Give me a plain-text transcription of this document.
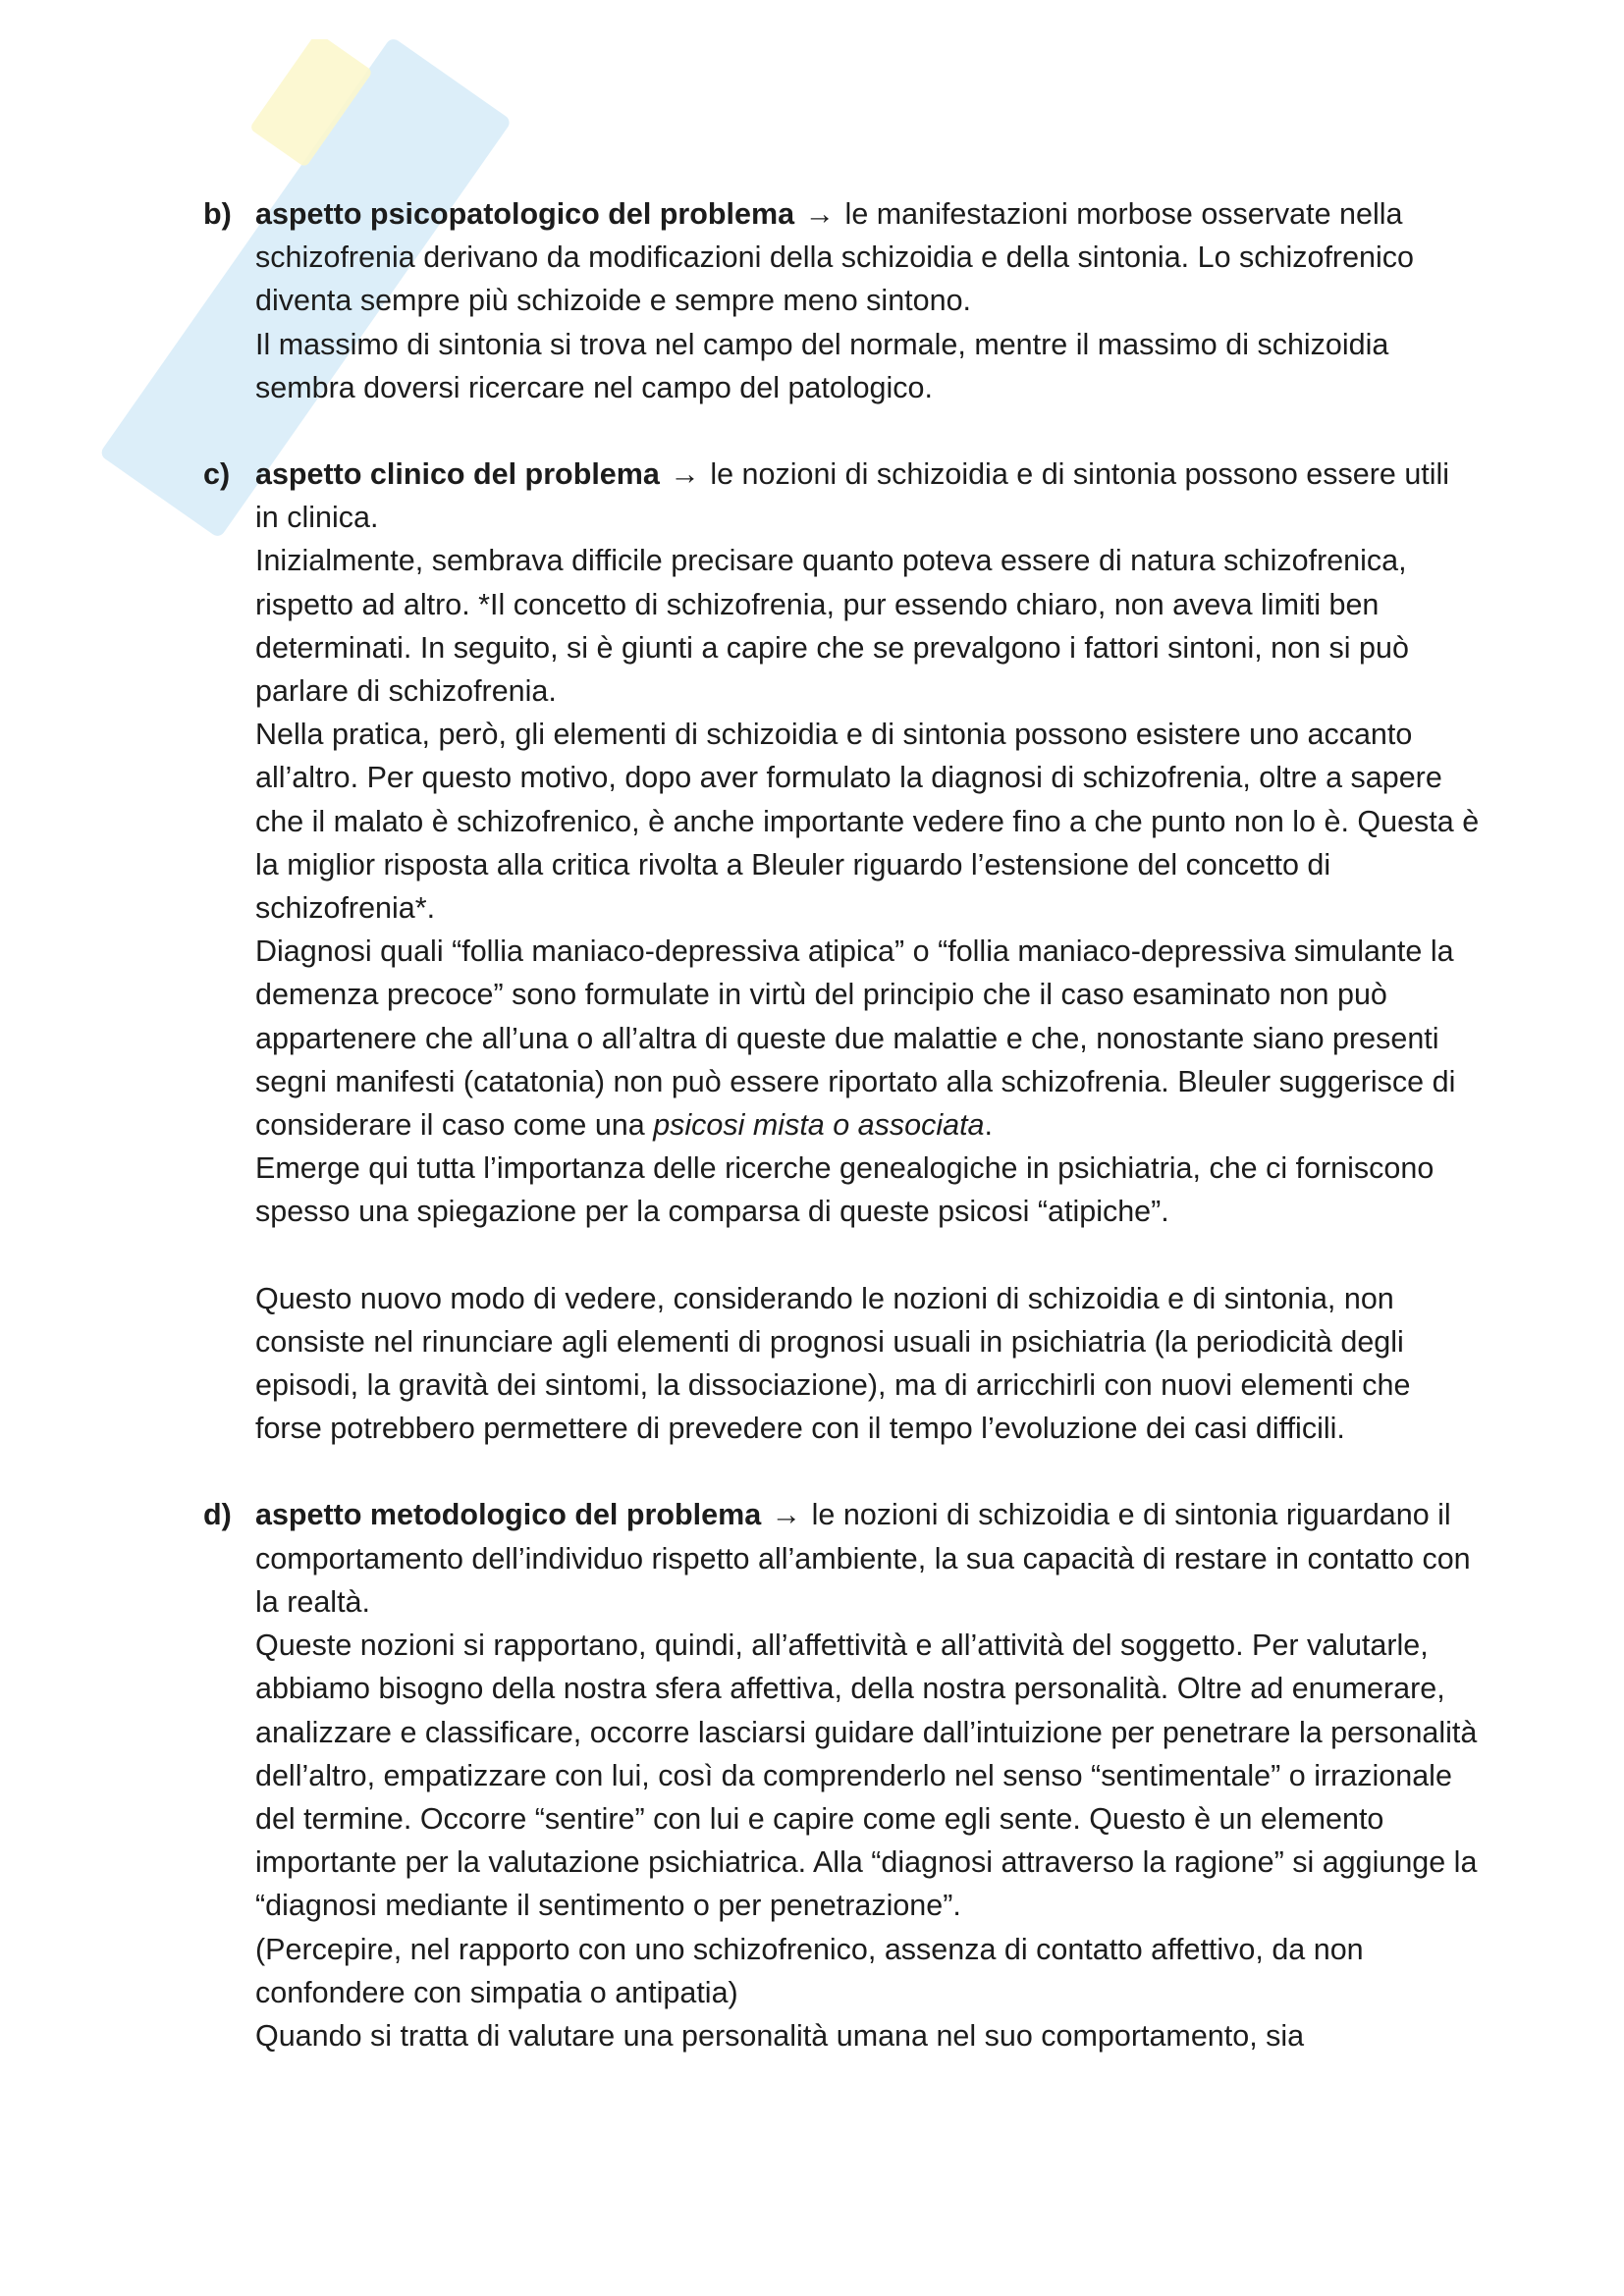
b) aspetto psicopatologico del problema → le manifestazioni morbose osservate nella schizofrenia derivano da modificazioni della schizoidia e della sintonia. Lo schizofrenico diventa sempre più schizoide e sempre meno sintono.

Il massimo di sintonia si trova nel campo del normale, mentre il massimo di schizoidia sembra doversi ricercare nel campo del patologico.

c) aspetto clinico del problema → le nozioni di schizoidia e di sintonia possono essere utili in clinica.

Inizialmente, sembrava difficile precisare quanto poteva essere di natura schizofrenica, rispetto ad altro. *Il concetto di schizofrenia, pur essendo chiaro, non aveva limiti ben determinati. In seguito, si è giunti a capire che se prevalgono i fattori sintoni, non si può parlare di schizofrenia.

Nella pratica, però, gli elementi di schizoidia e di sintonia possono esistere uno accanto all’altro. Per questo motivo, dopo aver formulato la diagnosi di schizofrenia, oltre a sapere che il malato è schizofrenico, è anche importante vedere fino a che punto non lo è. Questa è la miglior risposta alla critica rivolta a Bleuler riguardo l’estensione del concetto di schizofrenia*.

Diagnosi quali “follia maniaco-depressiva atipica” o “follia maniaco-depressiva simulante la demenza precoce” sono formulate in virtù del principio che il caso esaminato non può appartenere che all’una o all’altra di queste due malattie e che, nonostante siano presenti segni manifesti (catatonia) non può essere riportato alla schizofrenia. Bleuler suggerisce di considerare il caso come una psicosi mista o associata.

Emerge qui tutta l’importanza delle ricerche genealogiche in psichiatria, che ci forniscono spesso una spiegazione per la comparsa di queste psicosi “atipiche”.

Questo nuovo modo di vedere, considerando le nozioni di schizoidia e di sintonia, non consiste nel rinunciare agli elementi di prognosi usuali in psichiatria (la periodicità degli episodi, la gravità dei sintomi, la dissociazione), ma di arricchirli con nuovi elementi che forse potrebbero permettere di prevedere con il tempo l’evoluzione dei casi difficili.

d) aspetto metodologico del problema → le nozioni di schizoidia e di sintonia riguardano il comportamento dell’individuo rispetto all’ambiente, la sua capacità di restare in contatto con la realtà.

Queste nozioni si rapportano, quindi, all’affettività e all’attività del soggetto. Per valutarle, abbiamo bisogno della nostra sfera affettiva, della nostra personalità. Oltre ad enumerare, analizzare e classificare, occorre lasciarsi guidare dall’intuizione per penetrare la personalità dell’altro, empatizzare con lui, così da comprenderlo nel senso “sentimentale” o irrazionale del termine. Occorre “sentire” con lui e capire come egli sente. Questo è un elemento importante per la valutazione psichiatrica. Alla “diagnosi attraverso la ragione” si aggiunge la “diagnosi mediante il sentimento o per penetrazione”.

(Percepire, nel rapporto con uno schizofrenico, assenza di contatto affettivo, da non confondere con simpatia o antipatia)

Quando si tratta di valutare una personalità umana nel suo comportamento, sia
